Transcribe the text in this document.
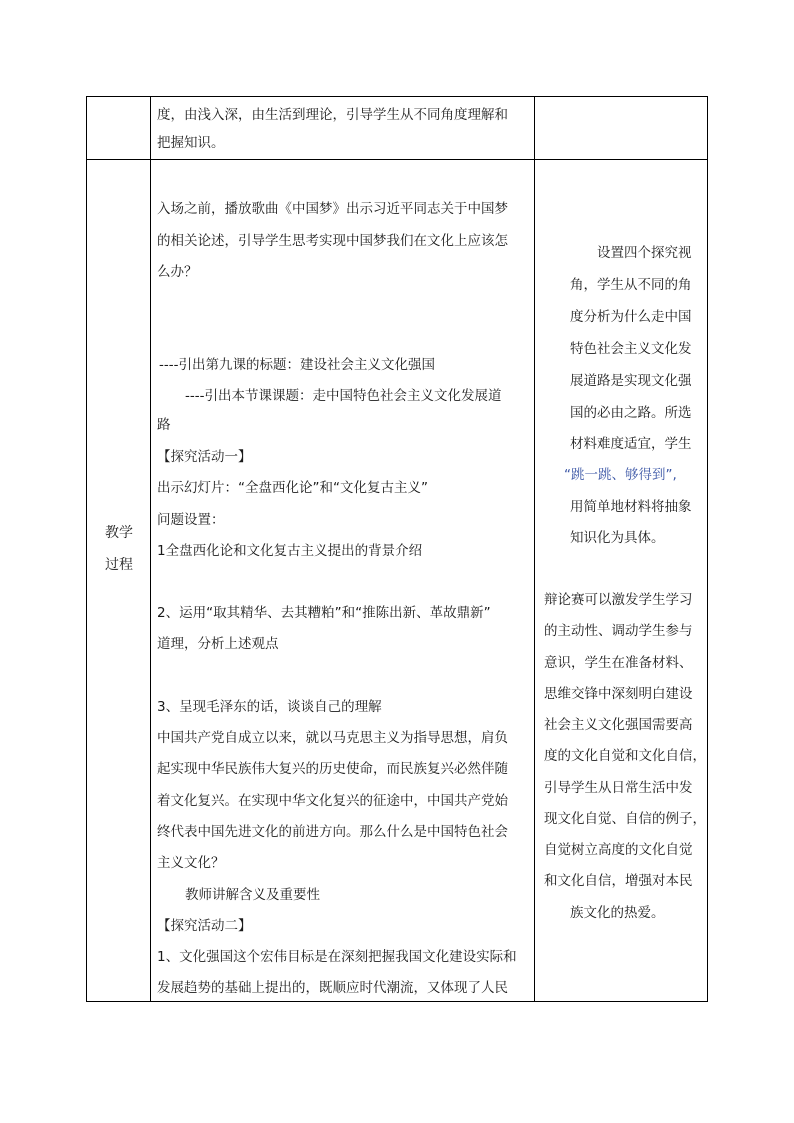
度，由浅入深，由生活到理论，引导学生从不同角度理解和
把握知识。
教学
过程
入场之前，播放歌曲《中国梦》出示习近平同志关于中国梦
的相关论述，引导学生思考实现中国梦我们在文化上应该怎
么办？
----引出第九课的标题：建设社会主义文化强国
----引出本节课课题：走中国特色社会主义文化发展道
路
【探究活动一】
出示幻灯片：“全盘西化论”和“文化复古主义”
问题设置：
1全盘西化论和文化复古主义提出的背景介绍
2、运用“取其精华、去其糟粕”和“推陈出新、革故鼎新”
道理，分析上述观点
3、呈现毛泽东的话，谈谈自己的理解
中国共产党自成立以来，就以马克思主义为指导思想，肩负
起实现中华民族伟大复兴的历史使命，而民族复兴必然伴随
着文化复兴。在实现中华文化复兴的征途中，中国共产党始
终代表中国先进文化的前进方向。那么什么是中国特色社会
主义文化？
教师讲解含义及重要性
【探究活动二】
1、文化强国这个宏伟目标是在深刻把握我国文化建设实际和
发展趋势的基础上提出的，既顺应时代潮流，又体现了人民
设置四个探究视
角，学生从不同的角
度分析为什么走中国
特色社会主义文化发
展道路是实现文化强
国的必由之路。所选
材料难度适宜，学生
“跳一跳、够得到”,
用简单地材料将抽象
知识化为具体。
辩论赛可以激发学生学习
的主动性、调动学生参与
意识，学生在准备材料、
思维交锋中深刻明白建设
社会主义文化强国需要高
度的文化自觉和文化自信，
引导学生从日常生活中发
现文化自觉、自信的例子，
自觉树立高度的文化自觉
和文化自信，增强对本民
族文化的热爱。
